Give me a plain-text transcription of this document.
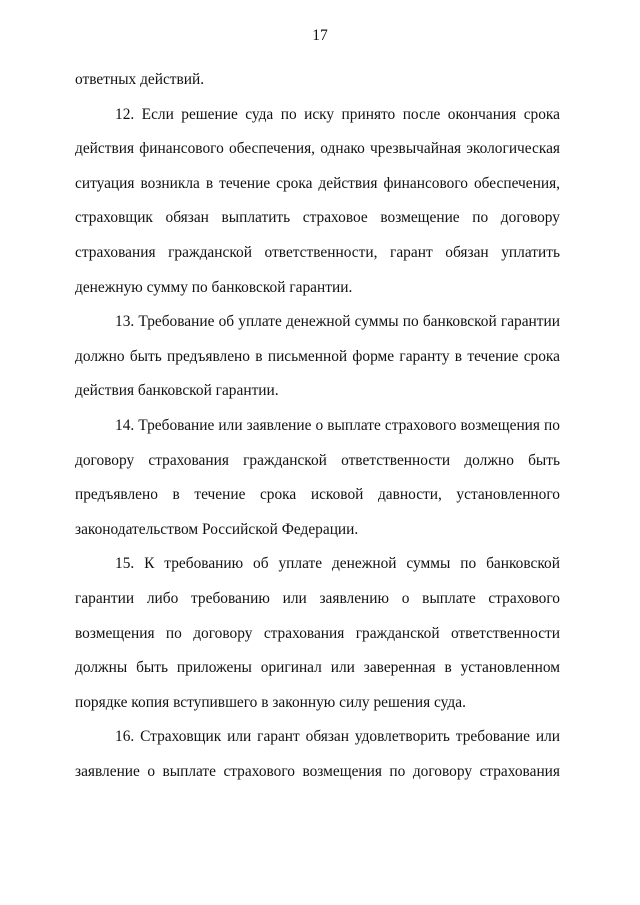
17
ответных действий.
12. Если решение суда по иску принято после окончания срока
действия финансового обеспечения, однако чрезвычайная экологическая
ситуация возникла в течение срока действия финансового обеспечения,
страховщик обязан выплатить страховое возмещение по договору
страхования гражданской ответственности, гарант обязан уплатить
денежную сумму по банковской гарантии.
13. Требование об уплате денежной суммы по банковской гарантии
должно быть предъявлено в письменной форме гаранту в течение срока
действия банковской гарантии.
14. Требование или заявление о выплате страхового возмещения по
договору страхования гражданской ответственности должно быть
предъявлено в течение срока исковой давности, установленного
законодательством Российской Федерации.
15. К требованию об уплате денежной суммы по банковской
гарантии либо требованию или заявлению о выплате страхового
возмещения по договору страхования гражданской ответственности
должны быть приложены оригинал или заверенная в установленном
порядке копия вступившего в законную силу решения суда.
16. Страховщик или гарант обязан удовлетворить требование или
заявление о выплате страхового возмещения по договору страхования
